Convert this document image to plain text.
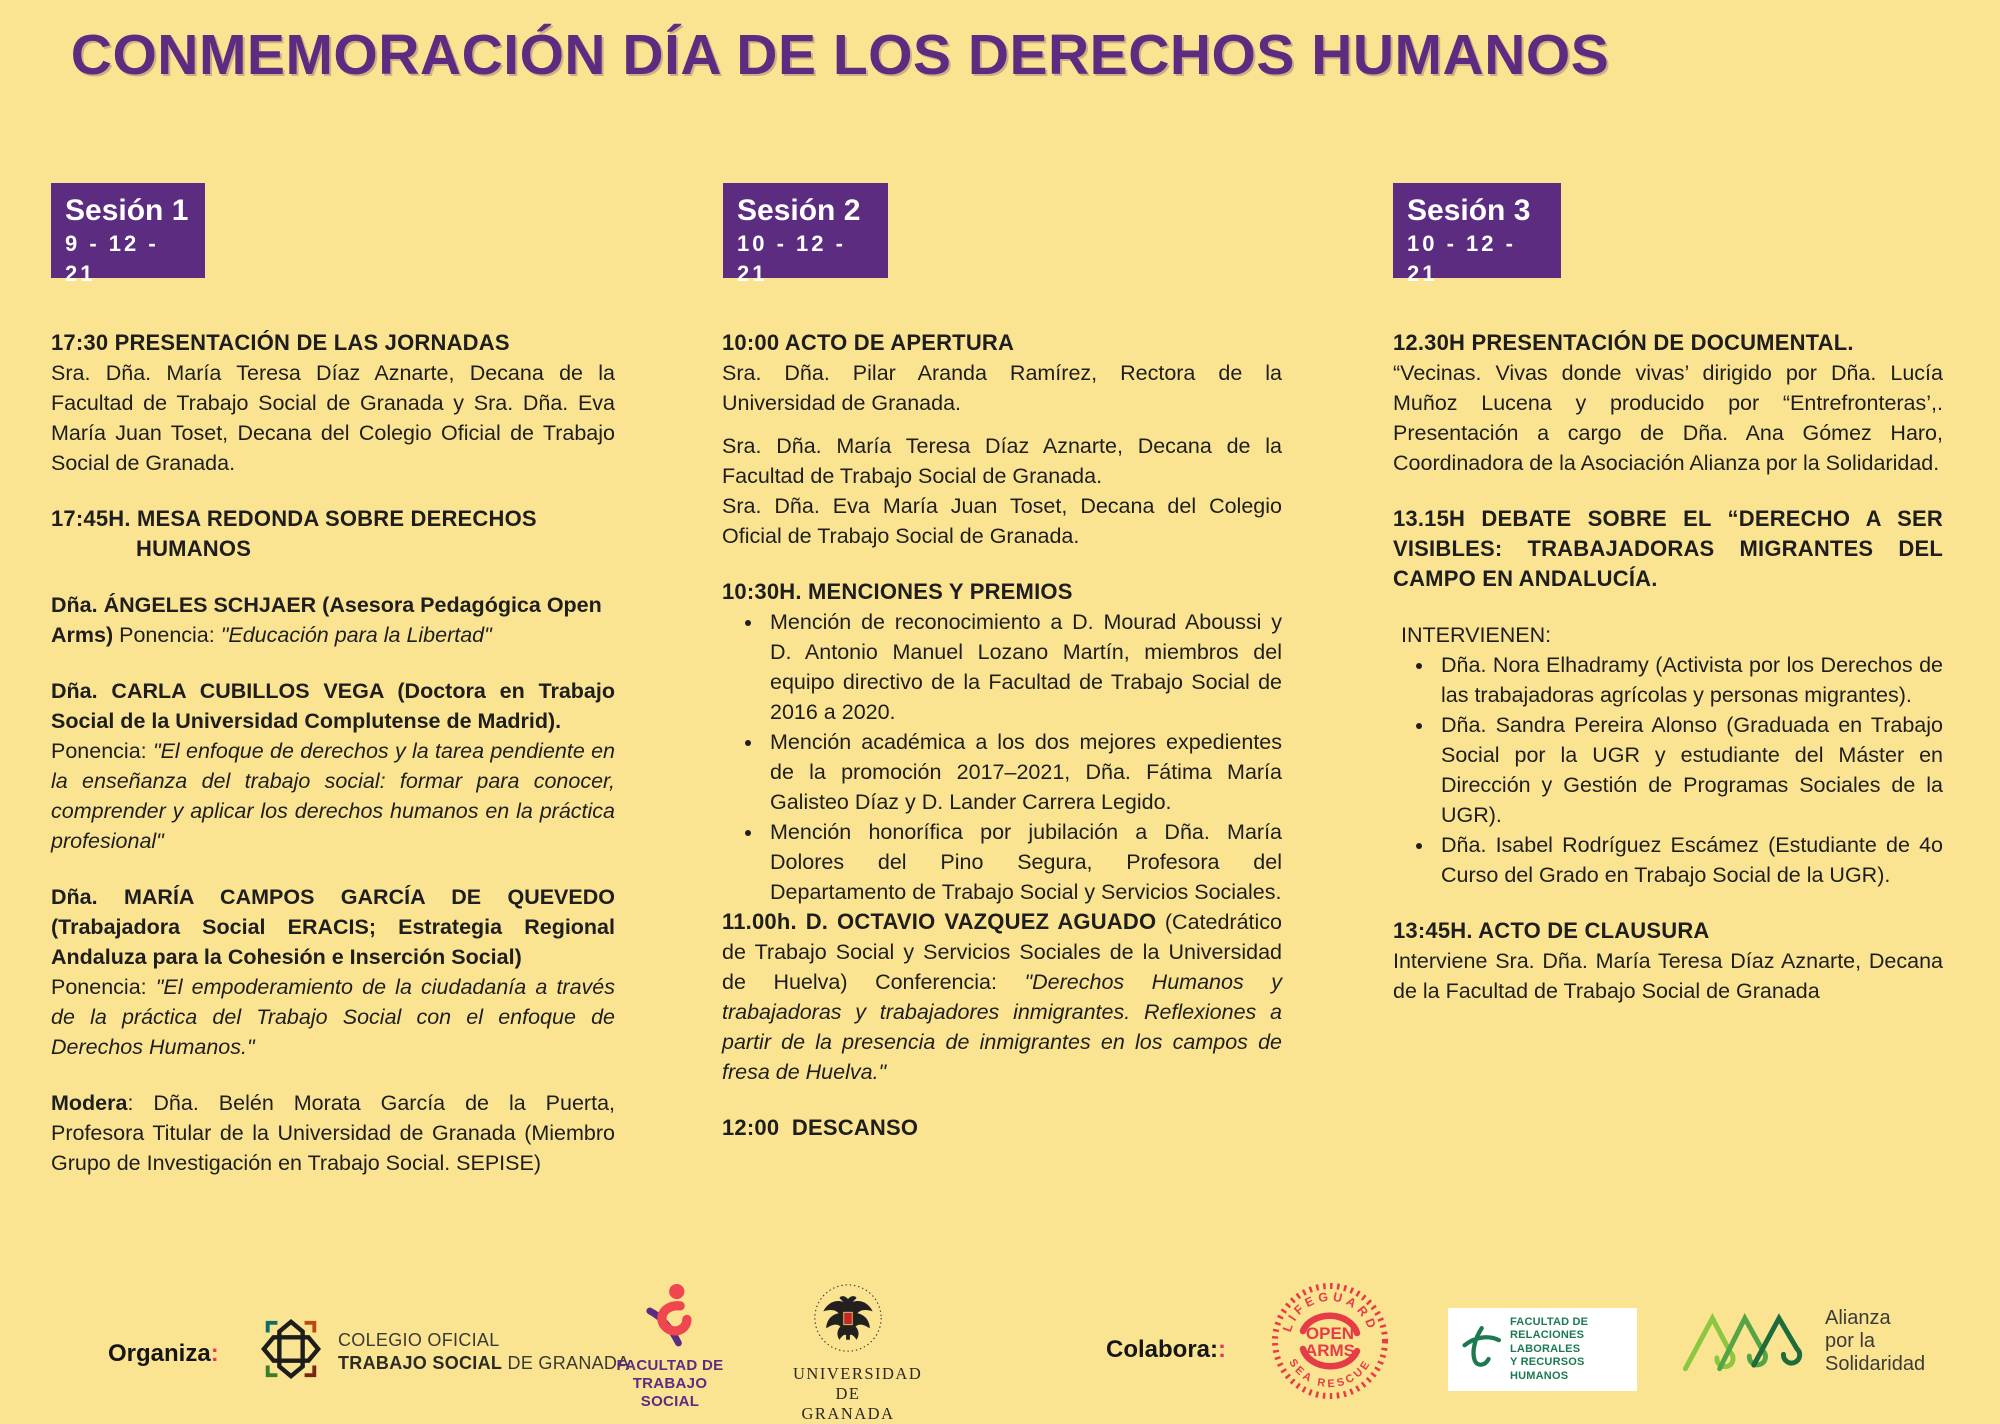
CONMEMORACIÓN DÍA DE LOS DERECHOS HUMANOS
Sesión 1
9 - 12 - 21
Sesión 2
10 - 12 - 21
Sesión 3
10 - 12 - 21

17:30 PRESENTACIÓN DE LAS JORNADAS

Sra. Dña. María Teresa Díaz Aznarte, Decana de la Facultad de Trabajo Social de Granada y Sra. Dña. Eva María Juan Toset, Decana del Colegio Oficial de Trabajo Social de Granada.

17:45H. MESA REDONDA SOBRE DERECHOS

HUMANOS

Dña. ÁNGELES SCHJAER (Asesora Pedagógica Open Arms) Ponencia: "Educación para la Libertad"

Dña. CARLA CUBILLOS VEGA (Doctora en Trabajo Social de la Universidad Complutense de Madrid).

Ponencia: "El enfoque de derechos y la tarea pendiente en la enseñanza del trabajo social: formar para conocer, comprender y aplicar los derechos humanos en la práctica profesional"

Dña. MARÍA CAMPOS GARCÍA DE QUEVEDO (Trabajadora Social ERACIS; Estrategia Regional Andaluza para la Cohesión e Inserción Social)

Ponencia: "El empoderamiento de la ciudadanía a través de la práctica del Trabajo Social con el enfoque de Derechos Humanos."

Modera: Dña. Belén Morata García de la Puerta, Profesora Titular de la Universidad de Granada (Miembro Grupo de Investigación en Trabajo Social. SEPISE)

10:00 ACTO DE APERTURA

Sra. Dña. Pilar Aranda Ramírez, Rectora de la Universidad de Granada.

Sra. Dña. María Teresa Díaz Aznarte, Decana de la Facultad de Trabajo Social de Granada.

Sra. Dña. Eva María Juan Toset, Decana del Colegio Oficial de Trabajo Social de Granada.

10:30H. MENCIONES Y PREMIOS

• Mención de reconocimiento a D. Mourad Aboussi y D. Antonio Manuel Lozano Martín, miembros del equipo directivo de la Facultad de Trabajo Social de 2016 a 2020.
• Mención académica a los dos mejores expedientes de la promoción 2017–2021, Dña. Fátima María Galisteo Díaz y D. Lander Carrera Legido.
• Mención honorífica por jubilación a Dña. María Dolores del Pino Segura, Profesora del Departamento de Trabajo Social y Servicios Sociales.

11.00h. D. OCTAVIO VAZQUEZ AGUADO (Catedrático de Trabajo Social y Servicios Sociales de la Universidad de Huelva) Conferencia: "Derechos Humanos y trabajadoras y trabajadores inmigrantes. Reflexiones a partir de la presencia de inmigrantes en los campos de fresa de Huelva."

12:00  DESCANSO

12.30H PRESENTACIÓN DE DOCUMENTAL.

“Vecinas. Vivas donde vivas’ dirigido por Dña. Lucía Muñoz Lucena y producido por “Entrefronteras’,. Presentación a cargo de Dña. Ana Gómez Haro, Coordinadora de la Asociación Alianza por la Solidaridad.

13.15H DEBATE SOBRE EL “DERECHO A SER VISIBLES: TRABAJADORAS MIGRANTES DEL CAMPO EN ANDALUCÍA.

INTERVIENEN:

• Dña. Nora Elhadramy (Activista por los Derechos de las trabajadoras agrícolas y personas migrantes).
• Dña. Sandra Pereira Alonso (Graduada en Trabajo Social por la UGR y estudiante del Máster en Dirección y Gestión de Programas Sociales de la UGR).
• Dña. Isabel Rodríguez Escámez (Estudiante de 4o Curso del Grado en Trabajo Social de la UGR).

13:45H. ACTO DE CLAUSURA

Interviene Sra. Dña. María Teresa Díaz Aznarte, Decana de la Facultad de Trabajo Social de Granada

Organiza:
COLEGIO OFICIAL
TRABAJO SOCIAL DE GRANADA
FACULTAD DE
TRABAJO SOCIAL
UNIVERSIDAD
DE GRANADA
Colabora::
LIFEGUARD
SEA RESCUE
OPEN
ARMS
FACULTAD DE
RELACIONES LABORALES
Y RECURSOS HUMANOS
Alianza
por la
Solidaridad
